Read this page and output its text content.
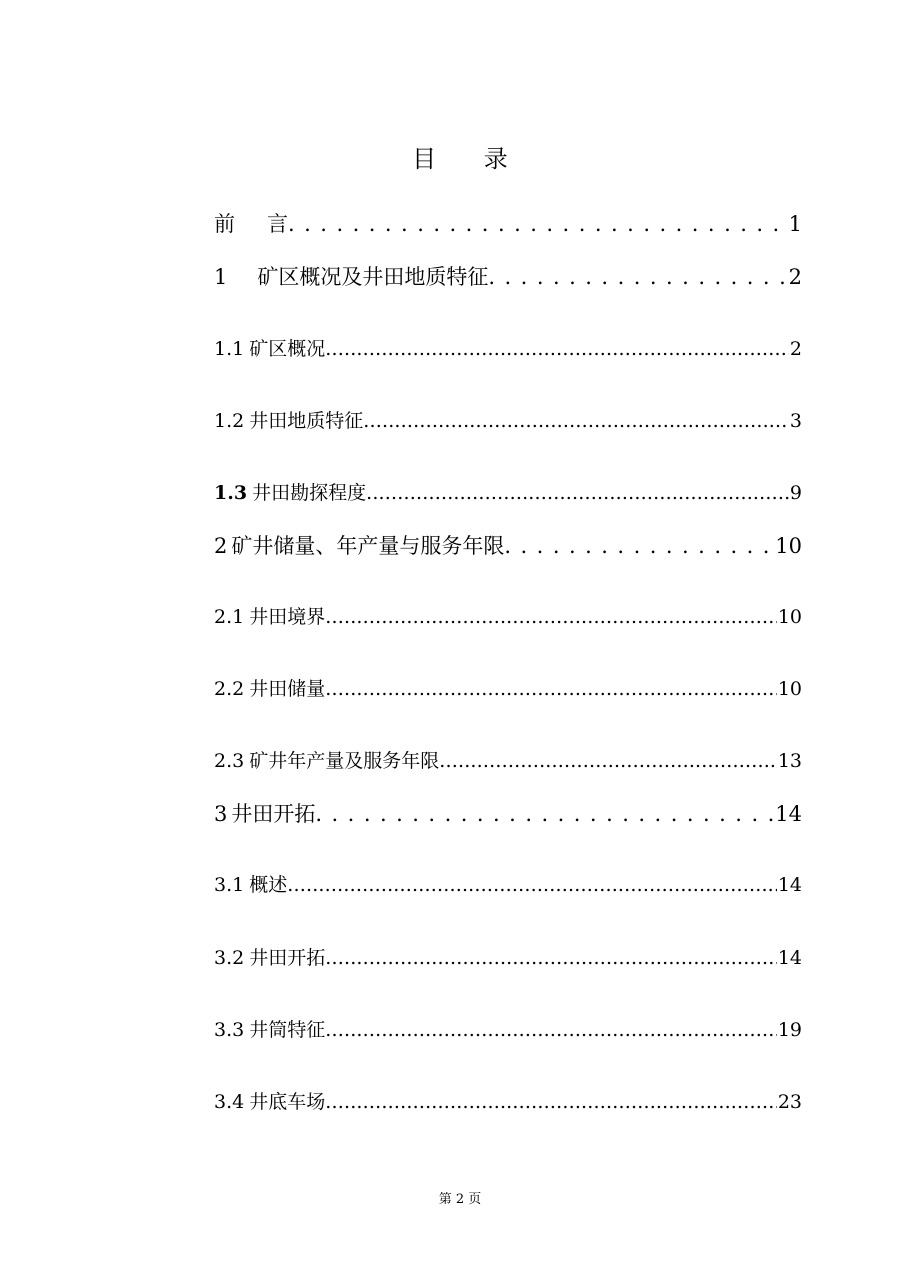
目 录
前 言 . . .	1
1 矿区概况及井田地质特征 . . .	2
1.1 矿区概况 .....	2
1.2 井田地质特征 .....	3
1.3 井田勘探程度 .....	9
2 矿井储量、年产量与服务年限 . . .	10
2.1 井田境界 .....	10
2.2 井田储量 .....	10
2.3 矿井年产量及服务年限 .....	13
3 井田开拓 . . .	14
3.1 概述 .....	14
3.2 井田开拓 .....	14
3.3 井筒特征 .....	19
3.4 井底车场 .....	23
第 2 页
